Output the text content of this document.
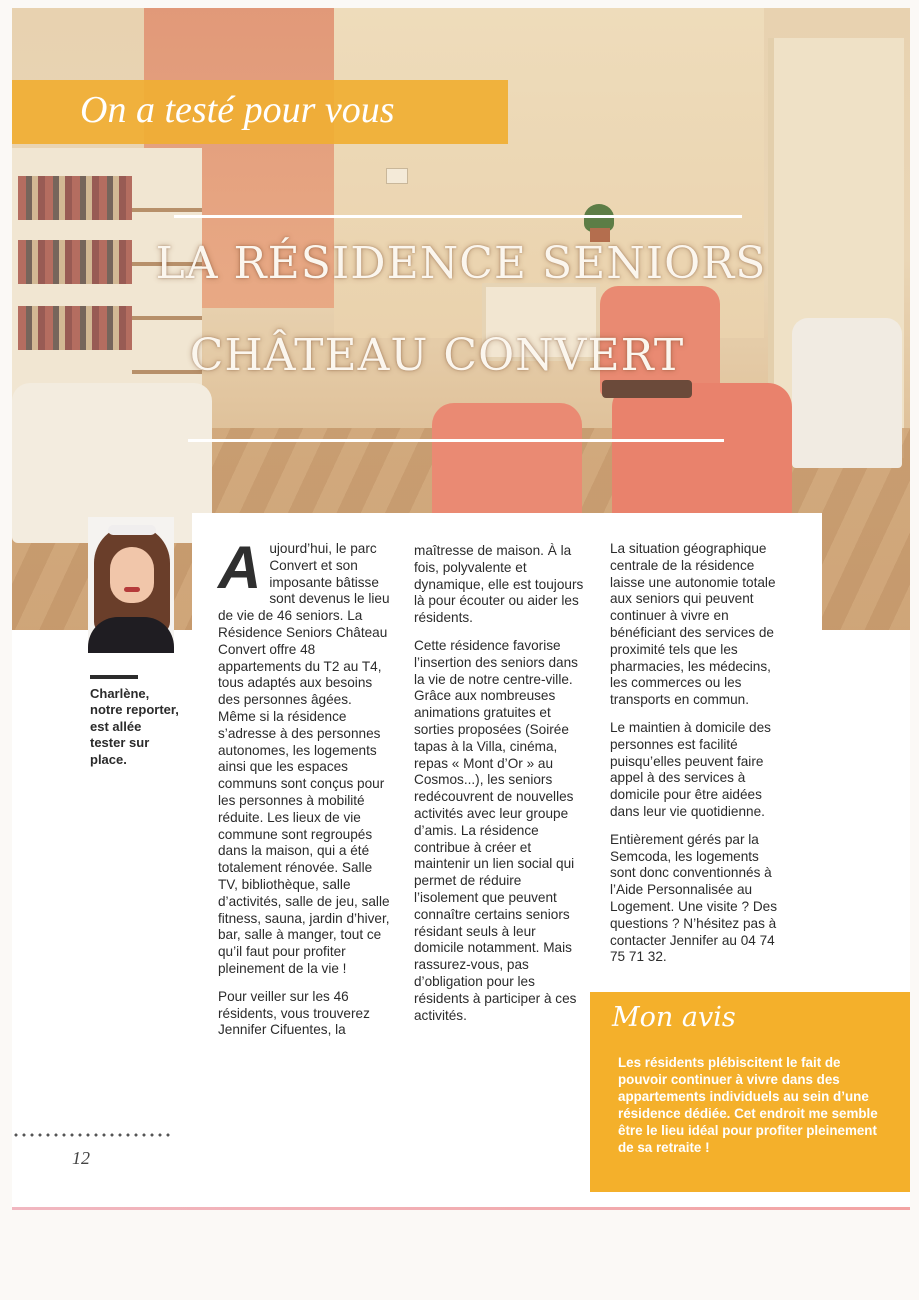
On a testé pour vous
LA RÉSIDENCE SENIORS
CHÂTEAU CONVERT
Charlène, notre reporter, est allée tester sur place.

Aujourd’hui, le parc Convert et son imposante bâtisse sont devenus le lieu de vie de 46 seniors. La Résidence Seniors Château Convert offre 48 appartements du T2 au T4, tous adaptés aux besoins des personnes âgées. Même si la résidence s’adresse à des personnes autonomes, les logements ainsi que les espaces communs sont conçus pour les personnes à mobilité réduite. Les lieux de vie commune sont regroupés dans la maison, qui a été totalement rénovée. Salle TV, bibliothèque, salle d’activités, salle de jeu, salle fitness, sauna, jardin d’hiver, bar, salle à manger, tout ce qu’il faut pour profiter pleinement de la vie !

Pour veiller sur les 46 résidents, vous trouverez Jennifer Cifuentes, la

maîtresse de maison. À la fois, polyvalente et dynamique, elle est toujours là pour écouter ou aider les résidents.

Cette résidence favorise l’insertion des seniors dans la vie de notre centre-ville. Grâce aux nombreuses animations gratuites et sorties proposées (Soirée tapas à la Villa, cinéma, repas « Mont d’Or » au Cosmos...), les seniors redécouvrent de nouvelles activités avec leur groupe d’amis. La résidence contribue à créer et maintenir un lien social qui permet de réduire l’isolement que peuvent connaître certains seniors résidant seuls à leur domicile notamment. Mais rassurez-vous, pas d’obligation pour les résidents à participer à ces activités.

La situation géographique centrale de la résidence laisse une autonomie totale aux seniors qui peuvent continuer à vivre en bénéficiant des services de proximité tels que les pharmacies, les médecins, les commerces ou les transports en commun.

Le maintien à domicile des personnes est facilité puisqu’elles peuvent faire appel à des services à domicile pour être aidées dans leur vie quotidienne.

Entièrement gérés par la Semcoda, les logements sont donc conventionnés à l’Aide Personnalisée au Logement. Une visite ? Des questions ? N’hésitez pas à contacter Jennifer au 04 74 75 71 32.

Mon avis
Les résidents plébiscitent le fait de pouvoir continuer à vivre dans des appartements individuels au sein d’une résidence dédiée. Cet endroit me semble être le lieu idéal pour profiter pleinement de sa retraite !
12
